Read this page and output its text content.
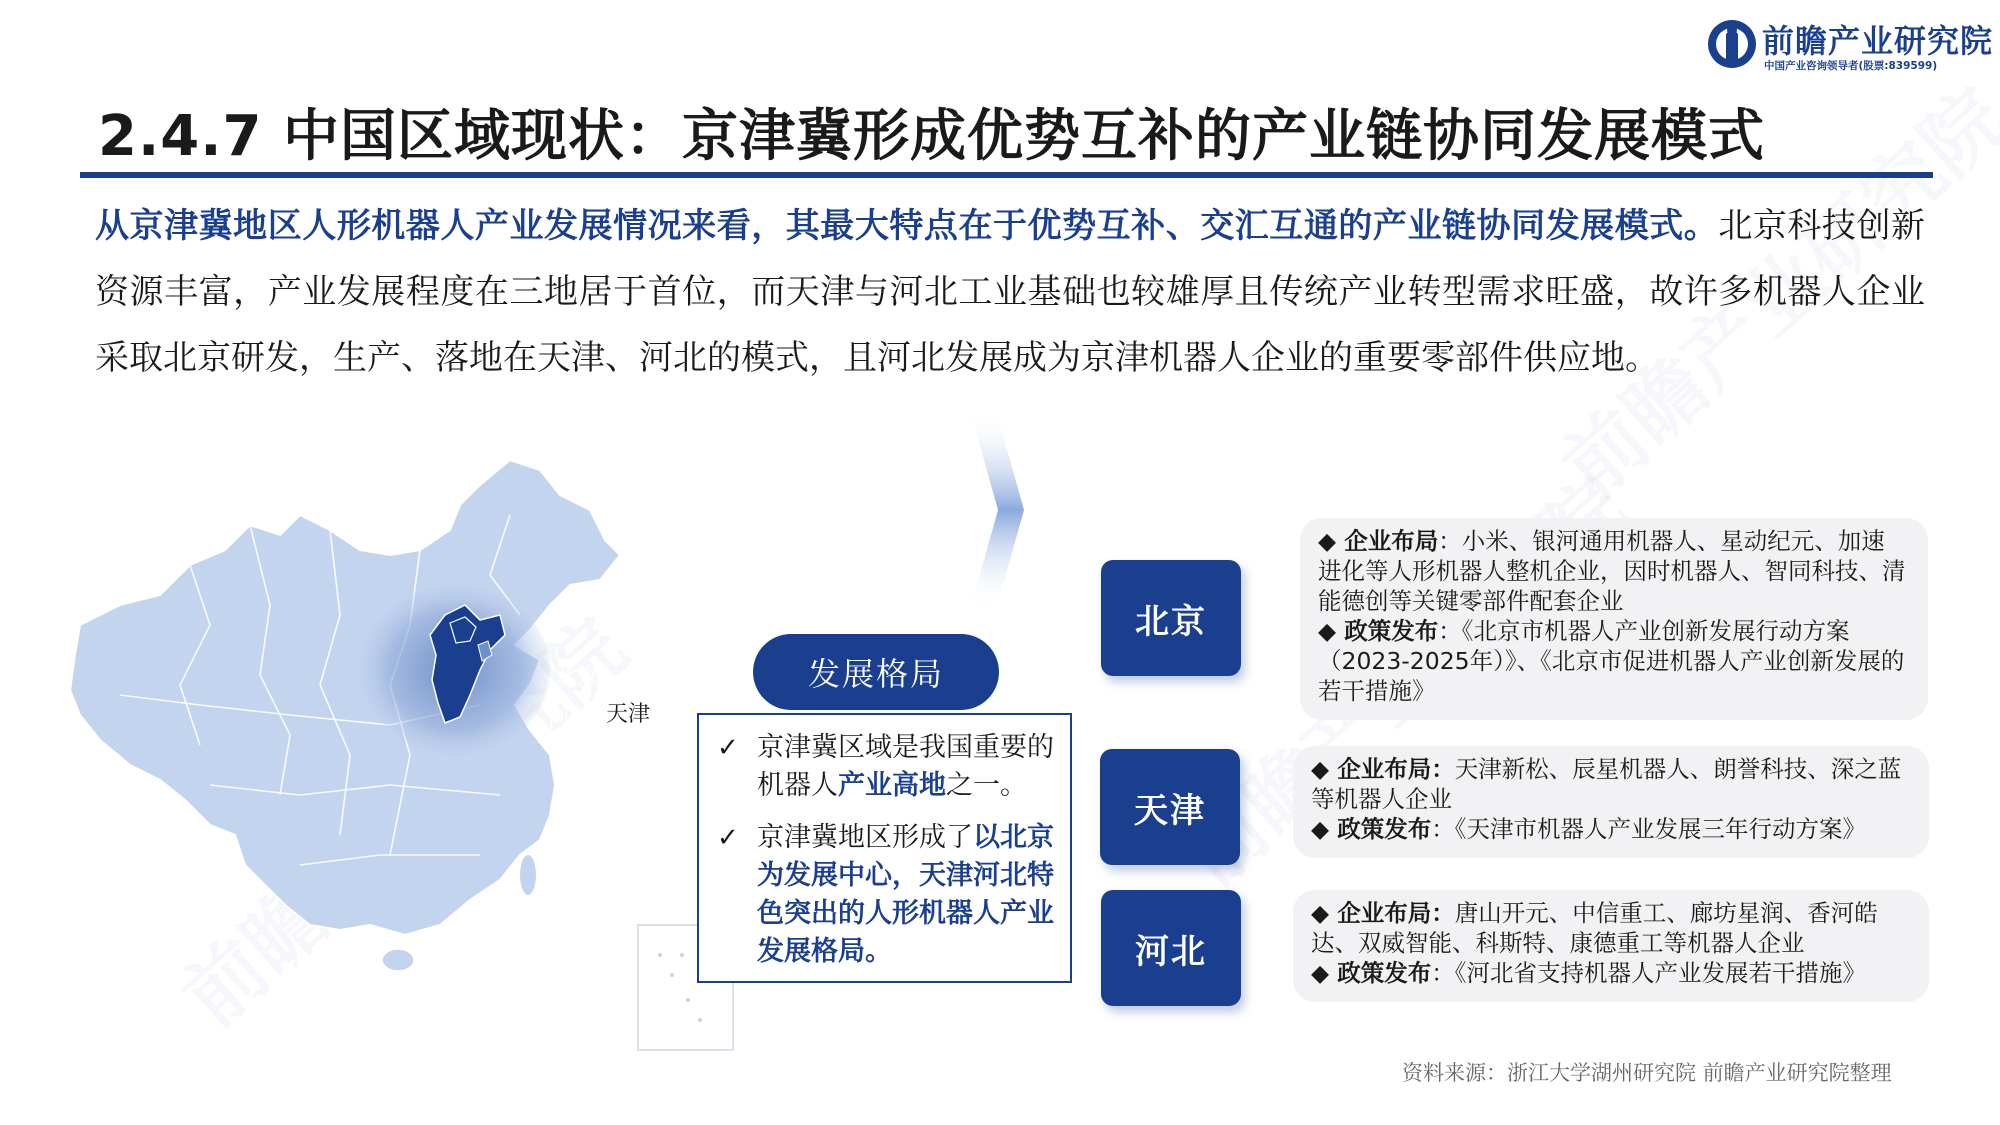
前瞻产业研究院
中国产业咨询领导者(股票:839599)
2.4.7 中国区域现状：京津冀形成优势互补的产业链协同发展模式

从京津冀地区人形机器人产业发展情况来看，其最大特点在于优势互补、交汇互通的产业链协同发展模式。北京科技创新资源丰富，产业发展程度在三地居于首位，而天津与河北工业基础也较雄厚且传统产业转型需求旺盛，故许多机器人企业采取北京研发，生产、落地在天津、河北的模式，且河北发展成为京津机器人企业的重要零部件供应地。

北京
河北 天津
发展格局
✓ 京津冀区域是我国重要的机器人产业高地之一。
✓ 京津冀地区形成了以北京为发展中心，天津河北特色突出的人形机器人产业发展格局。
北京
天津
河北
◆ 企业布局：小米、银河通用机器人、星动纪元、加速进化等人形机器人整机企业，因时机器人、智同科技、清能德创等关键零部件配套企业
◆ 政策发布：《北京市机器人产业创新发展行动方案（2023-2025年）》、《北京市促进机器人产业创新发展的若干措施》
◆ 企业布局：天津新松、辰星机器人、朗誉科技、深之蓝等机器人企业
◆ 政策发布：《天津市机器人产业发展三年行动方案》
◆ 企业布局：唐山开元、中信重工、廊坊星润、香河皓达、双威智能、科斯特、康德重工等机器人企业
◆ 政策发布：《河北省支持机器人产业发展若干措施》
资料来源：浙江大学湖州研究院 前瞻产业研究院整理
